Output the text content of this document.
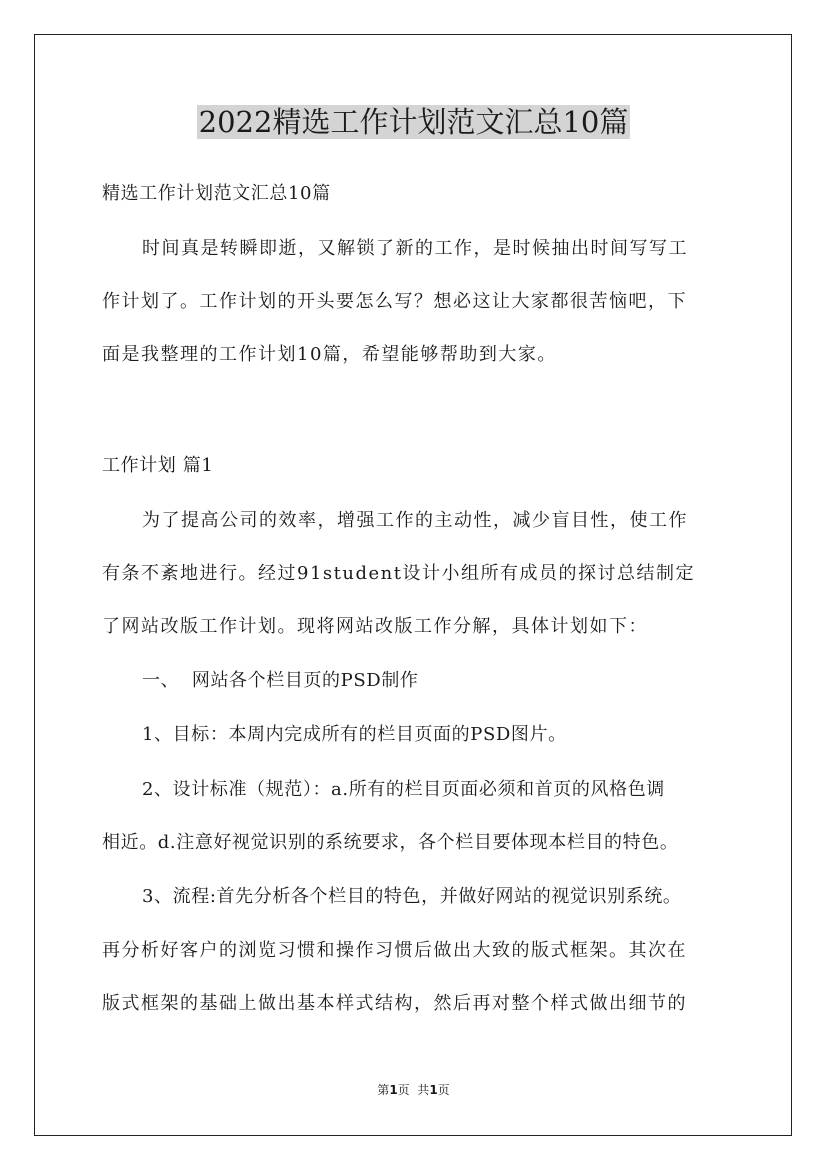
2022精选工作计划范文汇总10篇
精选工作计划范文汇总10篇
时间真是转瞬即逝，又解锁了新的工作，是时候抽出时间写写工
作计划了。工作计划的开头要怎么写？想必这让大家都很苦恼吧，下
面是我整理的工作计划10篇，希望能够帮助到大家。
工作计划 篇1
为了提高公司的效率，增强工作的主动性，减少盲目性，使工作
有条不紊地进行。经过91student设计小组所有成员的探讨总结制定
了网站改版工作计划。现将网站改版工作分解，具体计划如下：
一、  网站各个栏目页的PSD制作
1、目标：本周内完成所有的栏目页面的PSD图片。
2、设计标准（规范）：a.所有的栏目页面必须和首页的风格色调
相近。d.注意好视觉识别的系统要求，各个栏目要体现本栏目的特色。
3、流程:首先分析各个栏目的特色，并做好网站的视觉识别系统。
再分析好客户的浏览习惯和操作习惯后做出大致的版式框架。其次在
版式框架的基础上做出基本样式结构，然后再对整个样式做出细节的
第1页  共1页
